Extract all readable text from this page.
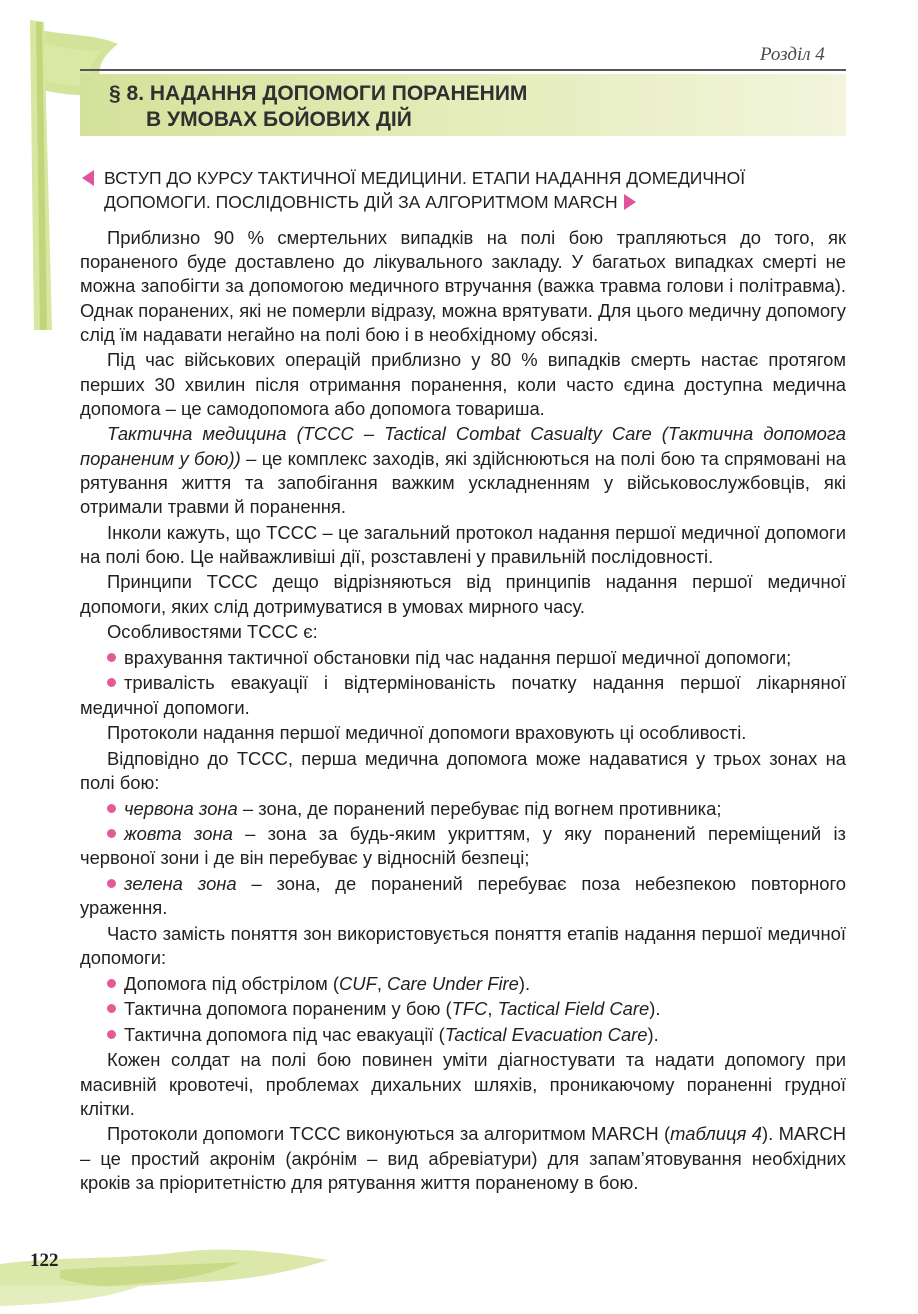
Розділ 4
§ 8. НАДАННЯ ДОПОМОГИ ПОРАНЕНИМ
В УМОВАХ БОЙОВИХ ДІЙ
ВСТУП ДО КУРСУ ТАКТИЧНОЇ МЕДИЦИНИ. ЕТАПИ НАДАННЯ ДОМЕДИЧНОЇ
ДОПОМОГИ. ПОСЛІДОВНІСТЬ ДІЙ ЗА АЛГОРИТМОМ MARCH

Приблизно 90 % смертельних випадків на полі бою трапляються до того, як пораненого буде доставлено до лікувального закладу. У багатьох випадках смерті не можна запобігти за допомогою медичного втручання (важка травма голови і політравма). Однак поранених, які не померли відразу, можна врятувати. Для цього медичну допомогу слід їм надавати негайно на полі бою і в необхідному обсязі.

Під час військових операцій приблизно у 80 % випадків смерть настає протягом перших 30 хвилин після отримання поранення, коли часто єдина доступна медична допомога – це самодопомога або допомога товариша.

Тактична медицина (TCCC – Tactical Combat Casualty Care (Тактична допомога пораненим у бою)) – це комплекс заходів, які здійснюються на полі бою та спрямовані на рятування життя та запобігання важким ускладненням у військовослужбовців, які отримали травми й поранення.

Інколи кажуть, що TCCC – це загальний протокол надання першої медичної допомоги на полі бою. Це найважливіші дії, розставлені у правильній послідовності.

Принципи TCCC дещо відрізняються від принципів надання першої медичної допомоги, яких слід дотримуватися в умовах мирного часу.

Особливостями TCCC є:

врахування тактичної обстановки під час надання першої медичної допомоги;

тривалість евакуації і відтермінованість початку надання першої лікарняної медичної допомоги.

Протоколи надання першої медичної допомоги враховують ці особливості.

Відповідно до TCCC, перша медична допомога може надаватися у трьох зонах на полі бою:

червона зона – зона, де поранений перебуває під вогнем противника;

жовта зона – зона за будь-яким укриттям, у яку поранений переміщений із червоної зони і де він перебуває у відносній безпеці;

зелена зона – зона, де поранений перебуває поза небезпекою повторного ураження.

Часто замість поняття зон використовується поняття етапів надання першої медичної допомоги:

Допомога під обстрілом (CUF, Care Under Fire).

Тактична допомога пораненим у бою (TFC, Tactical Field Care).

Тактична допомога під час евакуації (Tactical Evacuation Care).

Кожен солдат на полі бою повинен уміти діагностувати та надати допомогу при масивній кровотечі, проблемах дихальних шляхів, проникаючому пораненні грудної клітки.

Протоколи допомоги TCCC виконуються за алгоритмом MARCH (таблиця 4). MARCH – це простий акронім (акрóнім – вид абревіатури) для запам’ятовування необхідних кроків за пріоритетністю для рятування життя пораненому в бою.

122
